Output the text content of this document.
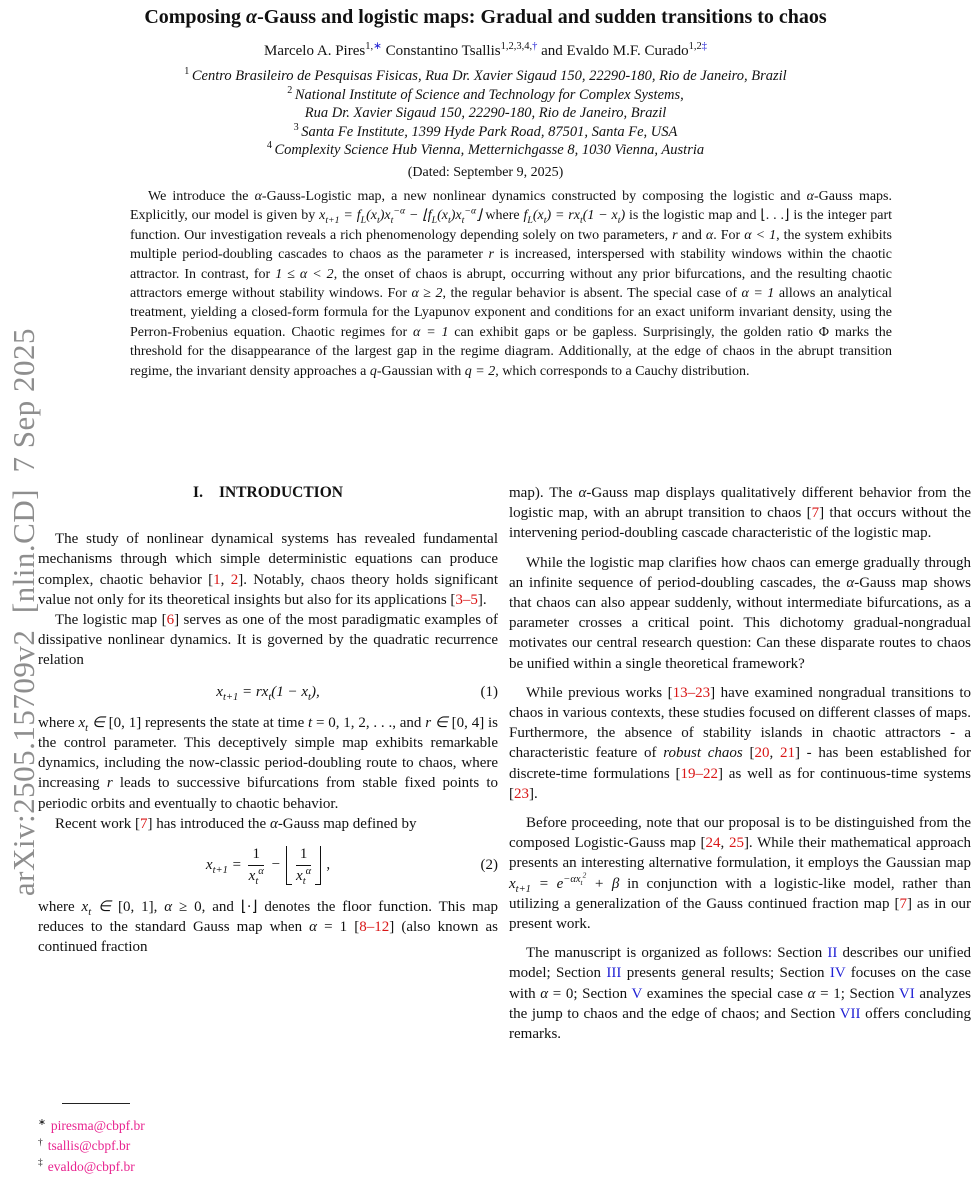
arXiv:2505.15709v2  [nlin.CD]  7 Sep 2025
Composing α-Gauss and logistic maps: Gradual and sudden transitions to chaos
Marcelo A. Pires$^{1,∗}$ Constantino Tsallis$^{1,2,3,4,\dagger}$ and Evaldo M.F. Curado$^{1,2\ddagger}$
$^1$ Centro Brasileiro de Pesquisas Fisicas, Rua Dr. Xavier Sigaud 150, 22290-180, Rio de Janeiro, Brazil
$^2$ National Institute of Science and Technology for Complex Systems,
Rua Dr. Xavier Sigaud 150, 22290-180, Rio de Janeiro, Brazil
$^3$ Santa Fe Institute, 1399 Hyde Park Road, 87501, Santa Fe, USA
$^4$ Complexity Science Hub Vienna, Metternichgasse 8, 1030 Vienna, Austria
(Dated: September 9, 2025)
We introduce the α-Gauss-Logistic map, a new nonlinear dynamics constructed by composing the logistic and α-Gauss maps. Explicitly, our model is given by $x_{t+1} = f_L(x_t)x_t^{-\alpha}$ − $⌊f_L(x_t)x_t^{-\alpha}⌋$ where $f_L(x_t) = rx_t(1 - x_t)$ is the logistic map and ⌊. . .⌋ is the integer part function. Our investigation reveals a rich phenomenology depending solely on two parameters, r and α. For α < 1, the system exhibits multiple period-doubling cascades to chaos as the parameter r is increased, interspersed with stability windows within the chaotic attractor. In contrast, for 1 ≤ α < 2, the onset of chaos is abrupt, occurring without any prior bifurcations, and the resulting chaotic attractors emerge without stability windows. For α ≥ 2, the regular behavior is absent. The special case of α = 1 allows an analytical treatment, yielding a closed-form formula for the Lyapunov exponent and conditions for an exact uniform invariant density, using the Perron-Frobenius equation. Chaotic regimes for α = 1 can exhibit gaps or be gapless. Surprisingly, the golden ratio Φ marks the threshold for the disappearance of the largest gap in the regime diagram. Additionally, at the edge of chaos in the abrupt transition regime, the invariant density approaches a q-Gaussian with q = 2, which corresponds to a Cauchy distribution.
I. INTRODUCTION

The study of nonlinear dynamical systems has revealed fundamental mechanisms through which simple deterministic equations can produce complex, chaotic behavior [1, 2]. Notably, chaos theory holds significant value not only for its theoretical insights but also for its applications [3–5].

The logistic map [6] serves as one of the most paradigmatic examples of dissipative nonlinear dynamics. It is governed by the quadratic recurrence relation

$x_{t+1} = rx_t(1 - x_t)$,	(1)

where $x_t$ ∈ [0, 1] represents the state at time t = 0, 1, 2, . . ., and r ∈ [0, 4] is the control parameter. This deceptively simple map exhibits remarkable dynamics, including the now-classic period-doubling route to chaos, where increasing r leads to successive bifurcations from stable fixed points to periodic orbits and eventually to chaotic behavior.

Recent work [7] has introduced the α-Gauss map defined by

$x_{t+1} = \frac{1}{x_t^\alpha} - \frac{1}{x_t^\alpha}$ ,	(2)

where $x_t$ ∈ [0, 1], α ≥ 0, and ⌊·⌋ denotes the floor function. This map reduces to the standard Gauss map when α = 1 [8–12] (also known as continued fraction

map). The α-Gauss map displays qualitatively different behavior from the logistic map, with an abrupt transition to chaos [7] that occurs without the intervening period-doubling cascade characteristic of the logistic map.

While the logistic map clarifies how chaos can emerge gradually through an infinite sequence of period-doubling cascades, the α-Gauss map shows that chaos can also appear suddenly, without intermediate bifurcations, as a parameter crosses a critical point. This dichotomy gradual-nongradual motivates our central research question: Can these disparate routes to chaos be unified within a single theoretical framework?

While previous works [13–23] have examined nongradual transitions to chaos in various contexts, these studies focused on different classes of maps. Furthermore, the absence of stability islands in chaotic attractors - a characteristic feature of robust chaos [20, 21] - has been established for discrete-time formulations [19–22] as well as for continuous-time systems [23].

Before proceeding, note that our proposal is to be distinguished from the composed Logistic-Gauss map [24, 25]. While their mathematical approach presents an interesting alternative formulation, it employs the Gaussian map $x_{t+1} = e^{-\alpha x_t^2} + \beta$ in conjunction with a logistic-like model, rather than utilizing a generalization of the Gauss continued fraction map [7] as in our present work.

The manuscript is organized as follows: Section II describes our unified model; Section III presents general results; Section IV focuses on the case with α = 0; Section V examines the special case α = 1; Section VI analyzes the jump to chaos and the edge of chaos; and Section VII offers concluding remarks.

∗ piresma@cbpf.br
† tsallis@cbpf.br
‡ evaldo@cbpf.br
